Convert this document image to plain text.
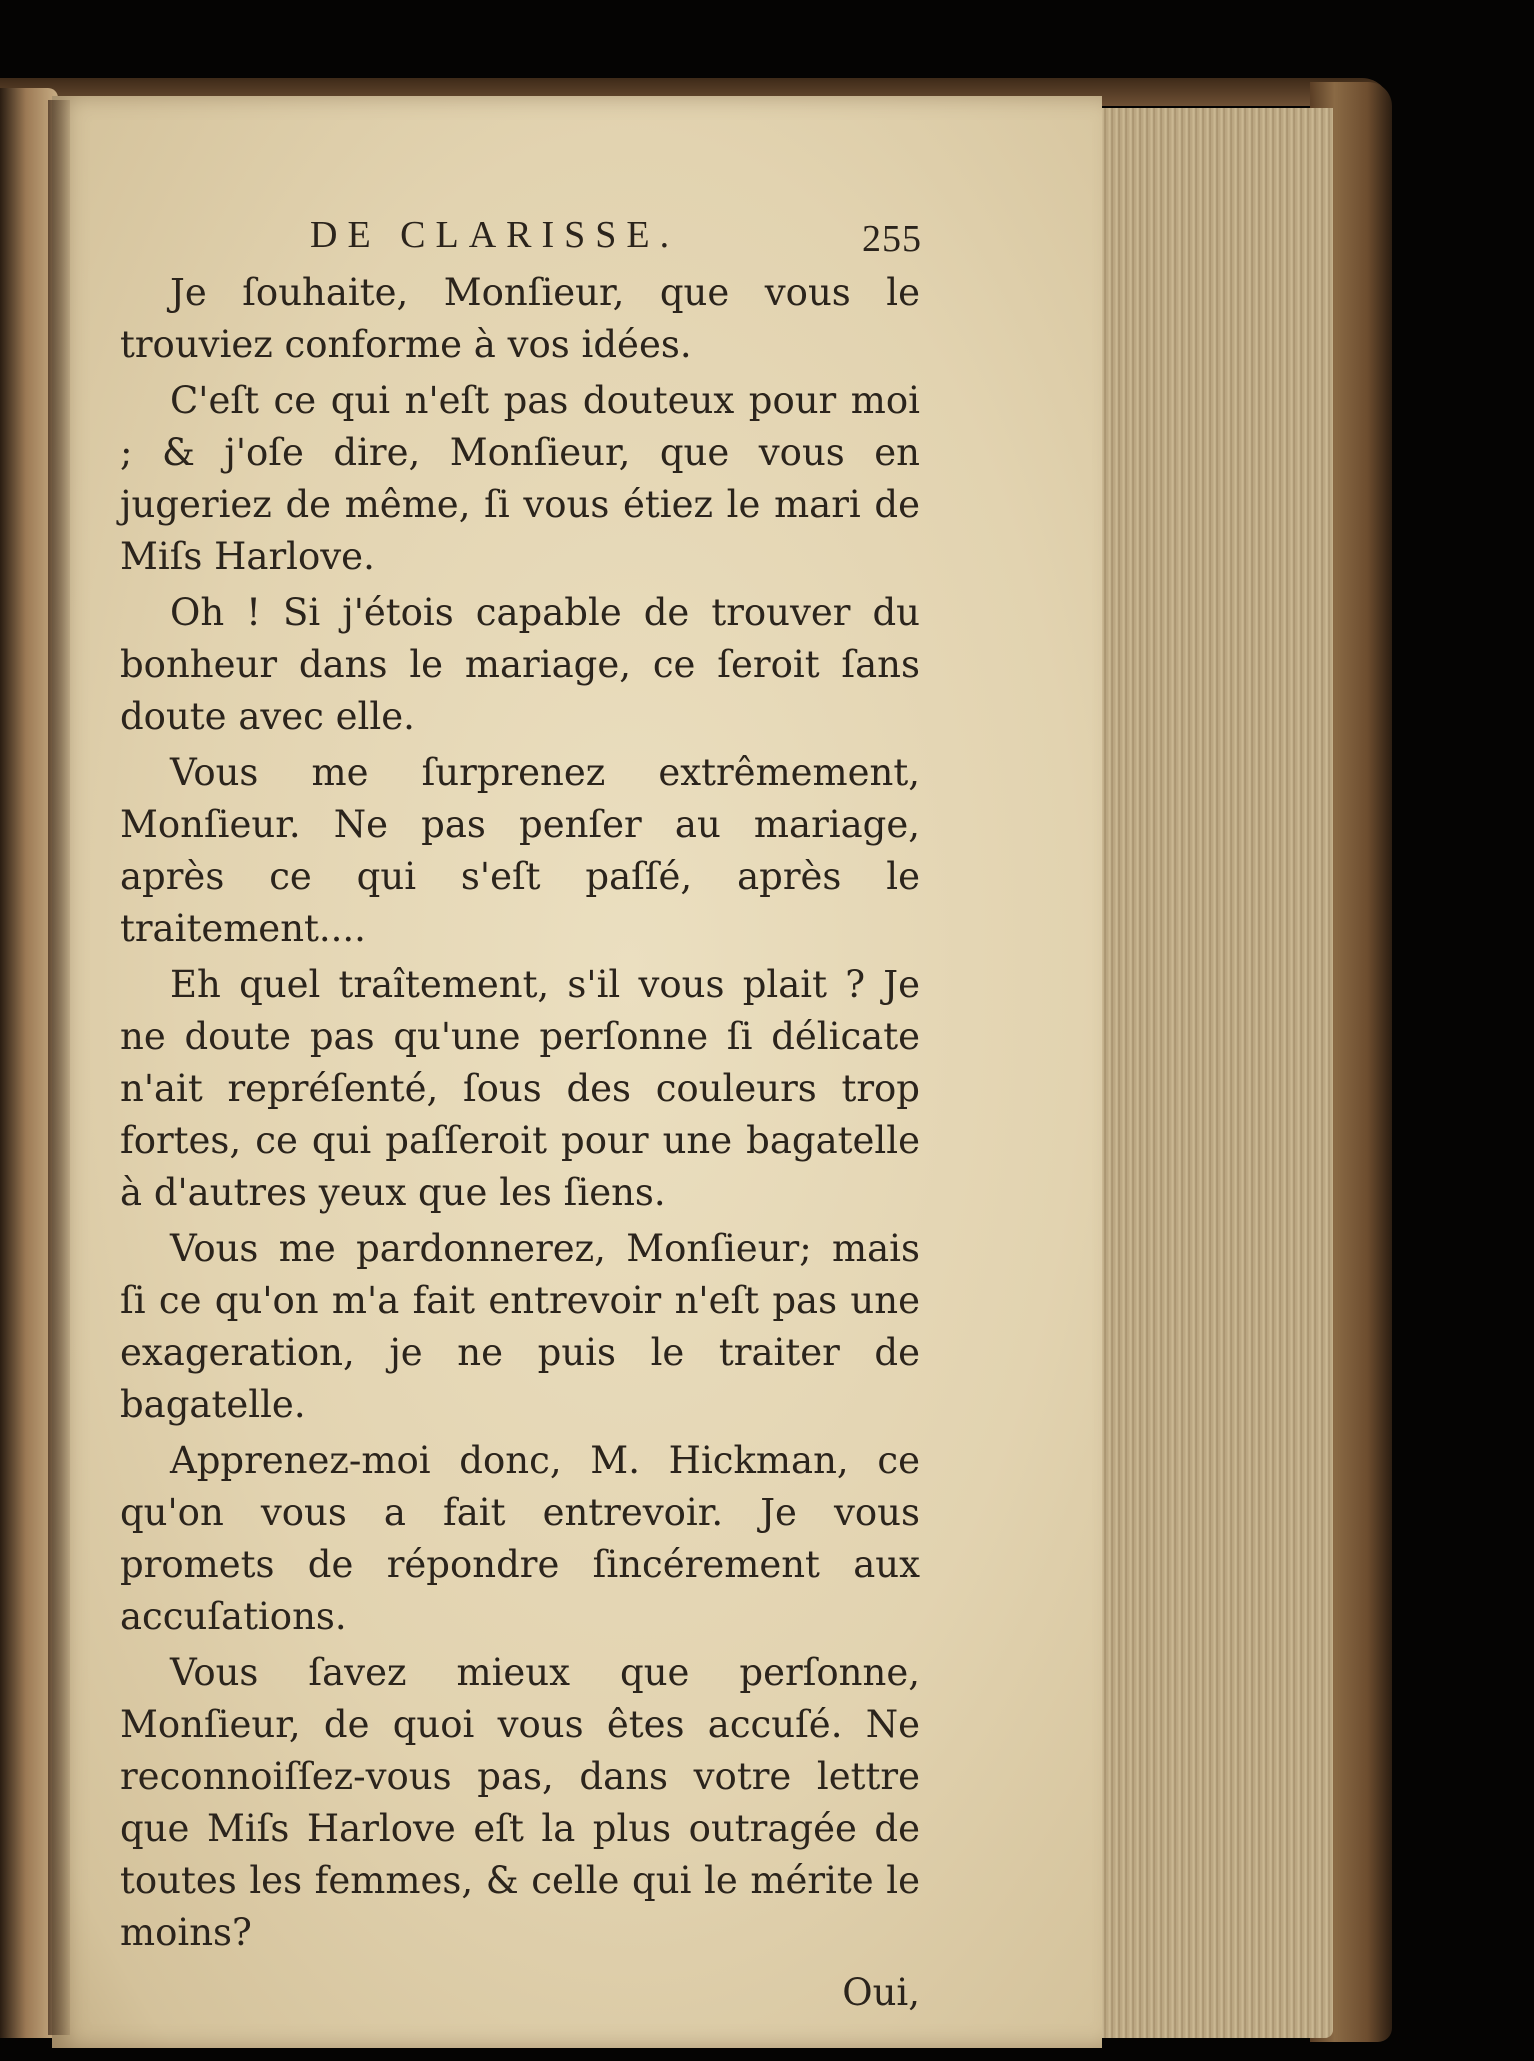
DE CLARISSE.	255

Je ſouhaite, Monſieur, que vous le trouviez conforme à vos idées.

C'eſt ce qui n'eſt pas douteux pour moi ; & j'oſe dire, Monſieur, que vous en jugeriez de même, ſi vous étiez le mari de Miſs Harlove.

Oh ! Si j'étois capable de trouver du bonheur dans le mariage, ce ſeroit ſans doute avec elle.

Vous me ſurprenez extrêmement, Monſieur. Ne pas penſer au mariage, après ce qui s'eſt paſſé, après le traitement....

Eh quel traîtement, s'il vous plait ? Je ne doute pas qu'une perſonne ſi délicate n'ait repréſenté, ſous des couleurs trop fortes, ce qui paſſeroit pour une bagatelle à d'autres yeux que les ſiens.

Vous me pardonnerez, Monſieur; mais ſi ce qu'on m'a fait entrevoir n'eſt pas une exageration, je ne puis le traiter de bagatelle.

Apprenez-moi donc, M. Hickman, ce qu'on vous a fait entrevoir. Je vous promets de répondre ſincérement aux accuſations.

Vous ſavez mieux que perſonne, Monſieur, de quoi vous êtes accuſé. Ne reconnoiſſez-vous pas, dans votre lettre que Miſs Harlove eſt la plus outragée de toutes les femmes, & celle qui le mérite le moins?

Oui,
